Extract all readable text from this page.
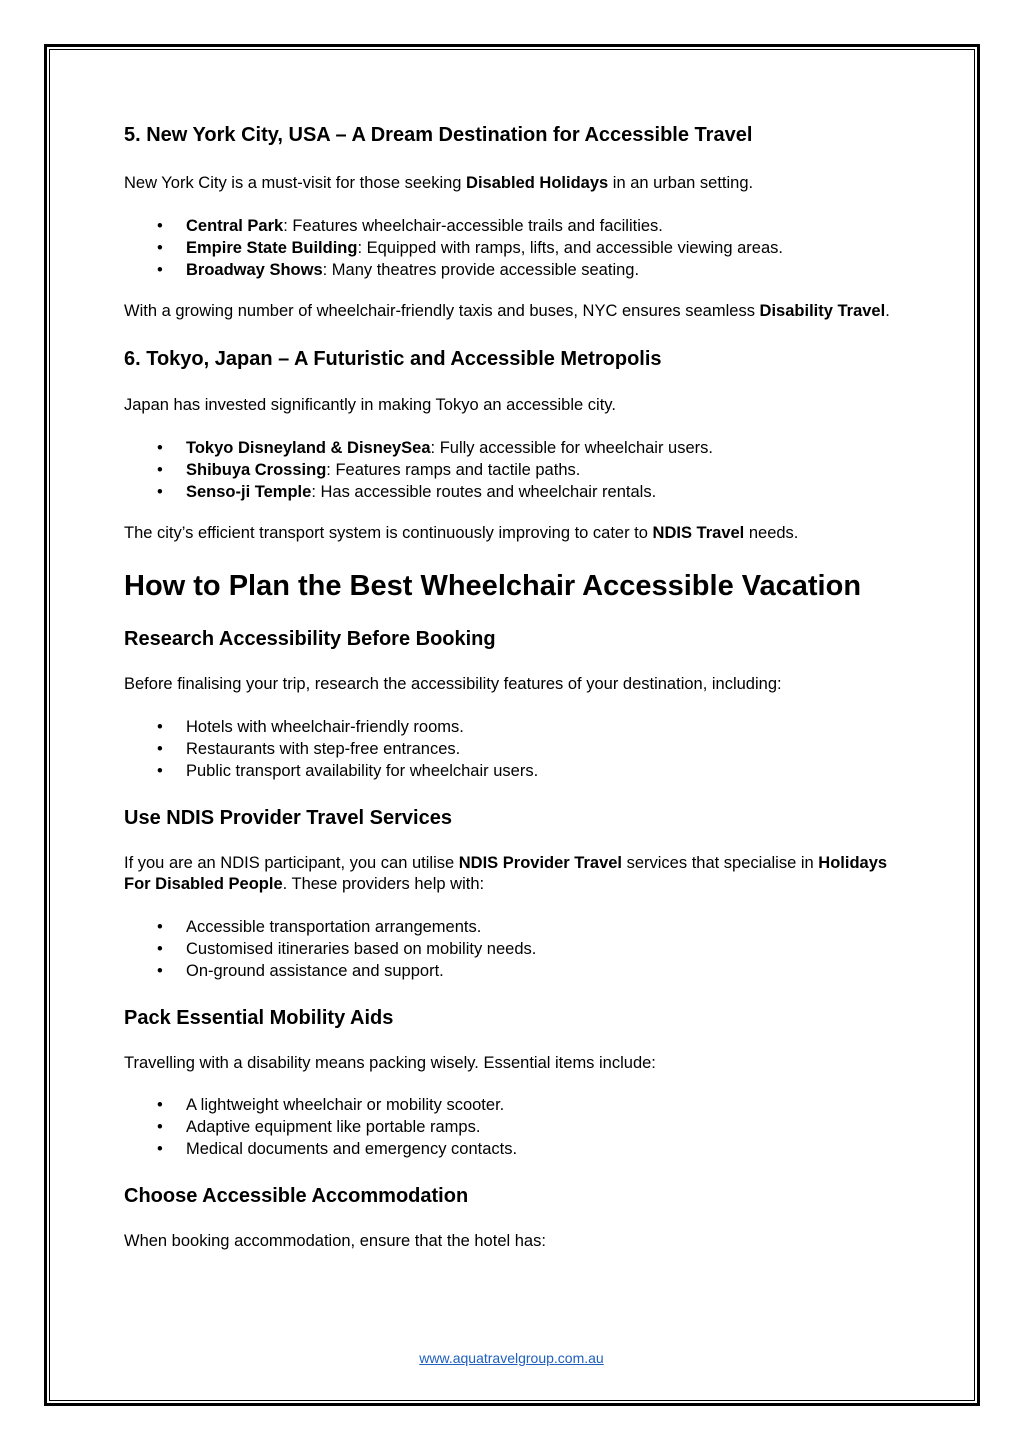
5. New York City, USA – A Dream Destination for Accessible Travel

New York City is a must-visit for those seeking Disabled Holidays in an urban setting.

• Central Park: Features wheelchair-accessible trails and facilities.
• Empire State Building: Equipped with ramps, lifts, and accessible viewing areas.
• Broadway Shows: Many theatres provide accessible seating.

With a growing number of wheelchair-friendly taxis and buses, NYC ensures seamless Disability Travel.

6. Tokyo, Japan – A Futuristic and Accessible Metropolis

Japan has invested significantly in making Tokyo an accessible city.

• Tokyo Disneyland & DisneySea: Fully accessible for wheelchair users.
• Shibuya Crossing: Features ramps and tactile paths.
• Senso-ji Temple: Has accessible routes and wheelchair rentals.

The city’s efficient transport system is continuously improving to cater to NDIS Travel needs.

How to Plan the Best Wheelchair Accessible Vacation
Research Accessibility Before Booking

Before finalising your trip, research the accessibility features of your destination, including:

• Hotels with wheelchair-friendly rooms.
• Restaurants with step-free entrances.
• Public transport availability for wheelchair users.
Use NDIS Provider Travel Services

If you are an NDIS participant, you can utilise NDIS Provider Travel services that specialise in Holidays For Disabled People. These providers help with:

• Accessible transportation arrangements.
• Customised itineraries based on mobility needs.
• On-ground assistance and support.
Pack Essential Mobility Aids

Travelling with a disability means packing wisely. Essential items include:

• A lightweight wheelchair or mobility scooter.
• Adaptive equipment like portable ramps.
• Medical documents and emergency contacts.
Choose Accessible Accommodation

When booking accommodation, ensure that the hotel has:

www.aquatravelgroup.com.au
